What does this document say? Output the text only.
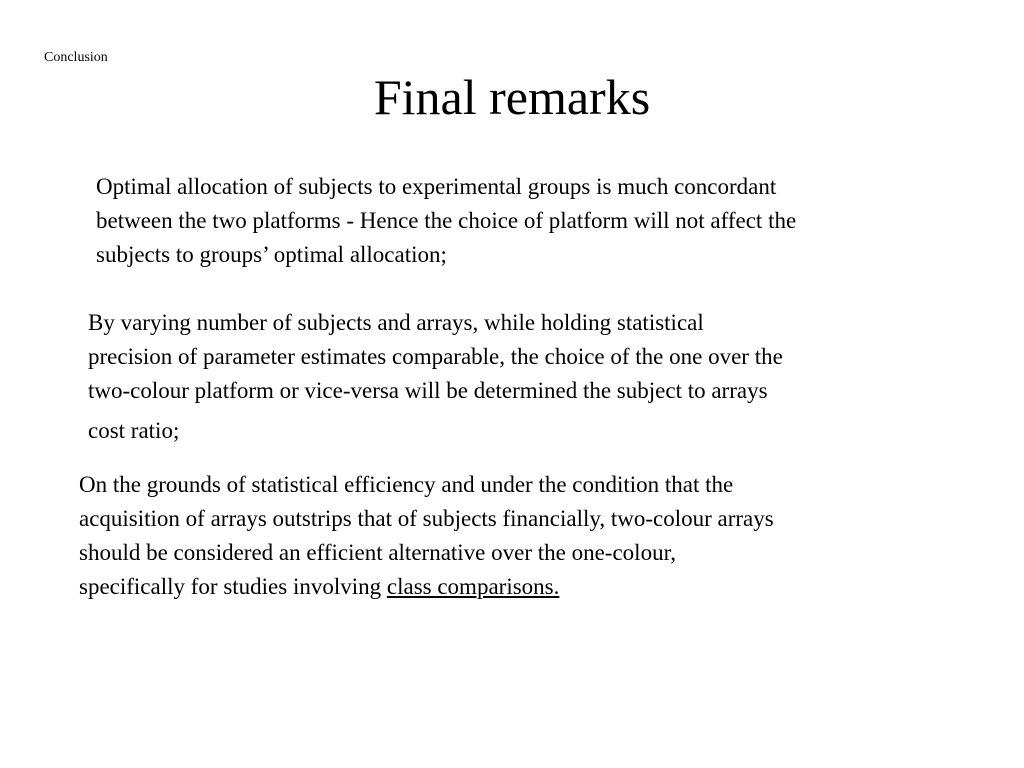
Conclusion
Final remarks
Optimal allocation of subjects to experimental groups is much concordant
between the two platforms - Hence the choice of platform will not affect the
subjects to groups’ optimal allocation;
By varying number of subjects and arrays, while holding statistical
precision of parameter estimates comparable, the choice of the one over the
two-colour platform or vice-versa will be determined the subject to arrays
cost ratio;
On the grounds of statistical efficiency and under the condition that the
acquisition of arrays outstrips that of subjects financially, two-colour arrays
should be considered an efficient alternative over the one-colour,
specifically for studies involving class comparisons.
